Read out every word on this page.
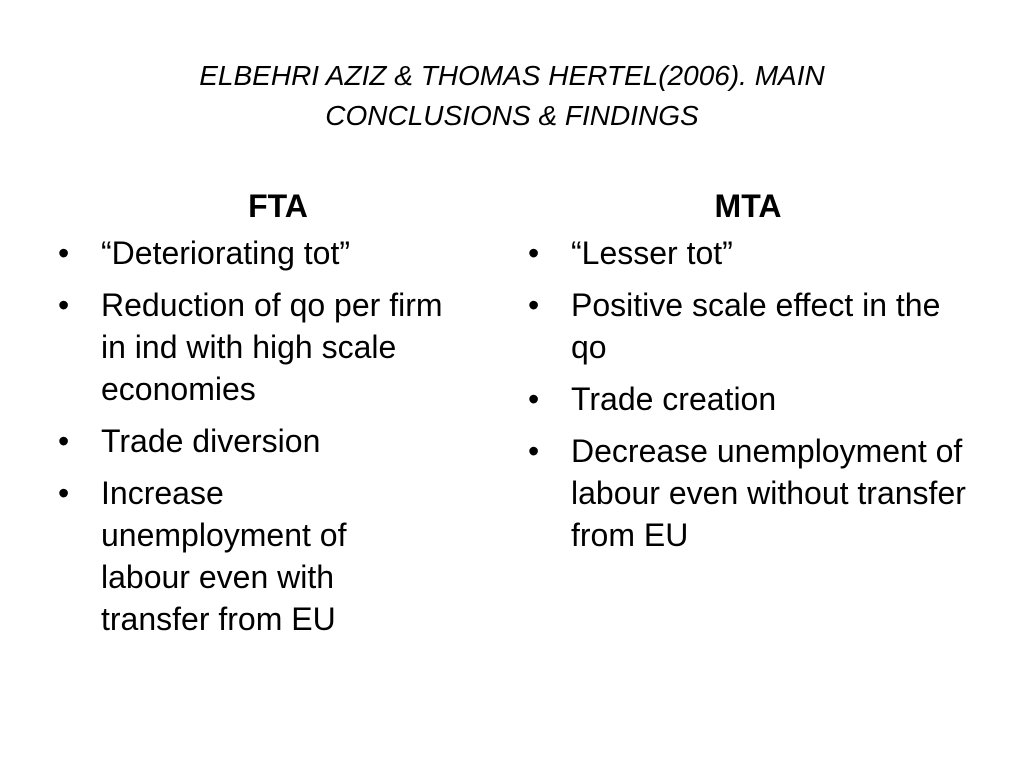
ELBEHRI AZIZ & THOMAS HERTEL(2006). MAIN
CONCLUSIONS & FINDINGS
FTA
• “Deteriorating tot”
• Reduction of qo per firm in ind with high scale economies
• Trade diversion
• Increase unemployment of labour even with transfer from EU
MTA
• “Lesser tot”
• Positive scale effect in the qo
• Trade creation
• Decrease unemployment of labour even without transfer from EU
